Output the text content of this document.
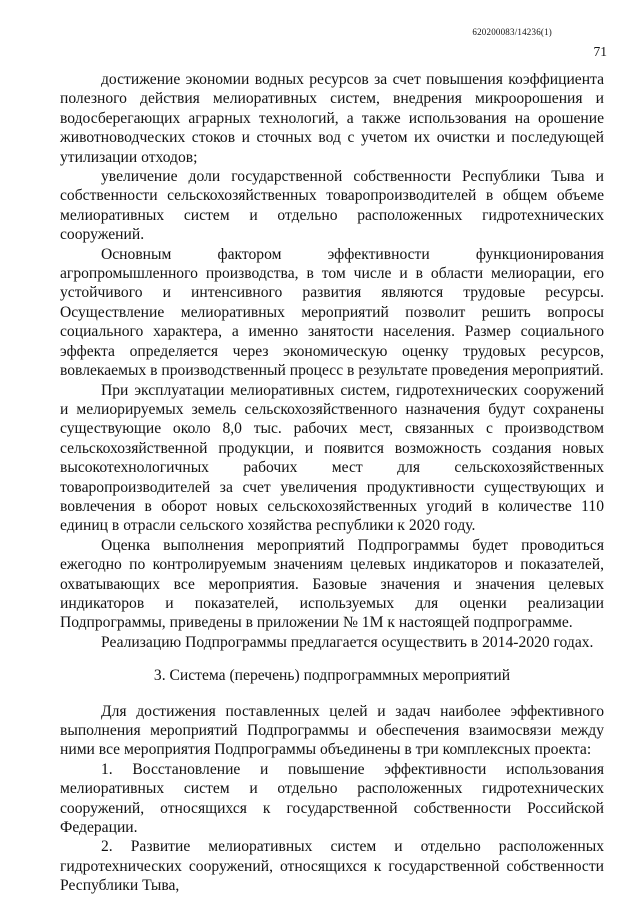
620200083/14236(1)
71

достижение экономии водных ресурсов за счет повышения коэффициента полезного действия мелиоративных систем, внедрения микроорошения и водосберегающих аграрных технологий, а также использования на орошение животноводческих стоков и сточных вод с учетом их очистки и последующей утилизации отходов;

увеличение доли государственной собственности Республики Тыва и собственности сельскохозяйственных товаропроизводителей в общем объеме мелиоративных систем и отдельно расположенных гидротехнических сооружений.

Основным фактором эффективности функционирования агропромышленного производства, в том числе и в области мелиорации, его устойчивого и интенсивного развития являются трудовые ресурсы. Осуществление мелиоративных мероприятий позволит решить вопросы социального характера, а именно занятости населения. Размер социального эффекта определяется через экономическую оценку трудовых ресурсов, вовлекаемых в производственный процесс в результате проведения мероприятий.

При эксплуатации мелиоративных систем, гидротехнических сооружений и мелиорируемых земель сельскохозяйственного назначения будут сохранены существующие около 8,0 тыс. рабочих мест, связанных с производством сельскохозяйственной продукции, и появится возможность создания новых высокотехнологичных рабочих мест для сельскохозяйственных товаропроизводителей за счет увеличения продуктивности существующих и вовлечения в оборот новых сельскохозяйственных угодий в количестве 110 единиц в отрасли сельского хозяйства республики к 2020 году.

Оценка выполнения мероприятий Подпрограммы будет проводиться ежегодно по контролируемым значениям целевых индикаторов и показателей, охватывающих все мероприятия. Базовые значения и значения целевых индикаторов и показателей, используемых для оценки реализации Подпрограммы, приведены в приложении № 1М к настоящей подпрограмме.

Реализацию Подпрограммы предлагается осуществить в 2014-2020 годах.

3. Система (перечень) подпрограммных мероприятий

Для достижения поставленных целей и задач наиболее эффективного выполнения мероприятий Подпрограммы и обеспечения взаимосвязи между ними все мероприятия Подпрограммы объединены в три комплексных проекта:

1. Восстановление и повышение эффективности использования мелиоративных систем и отдельно расположенных гидротехнических сооружений, относящихся к государственной собственности Российской Федерации.

2. Развитие мелиоративных систем и отдельно расположенных гидротехнических сооружений, относящихся к государственной собственности Республики Тыва,
